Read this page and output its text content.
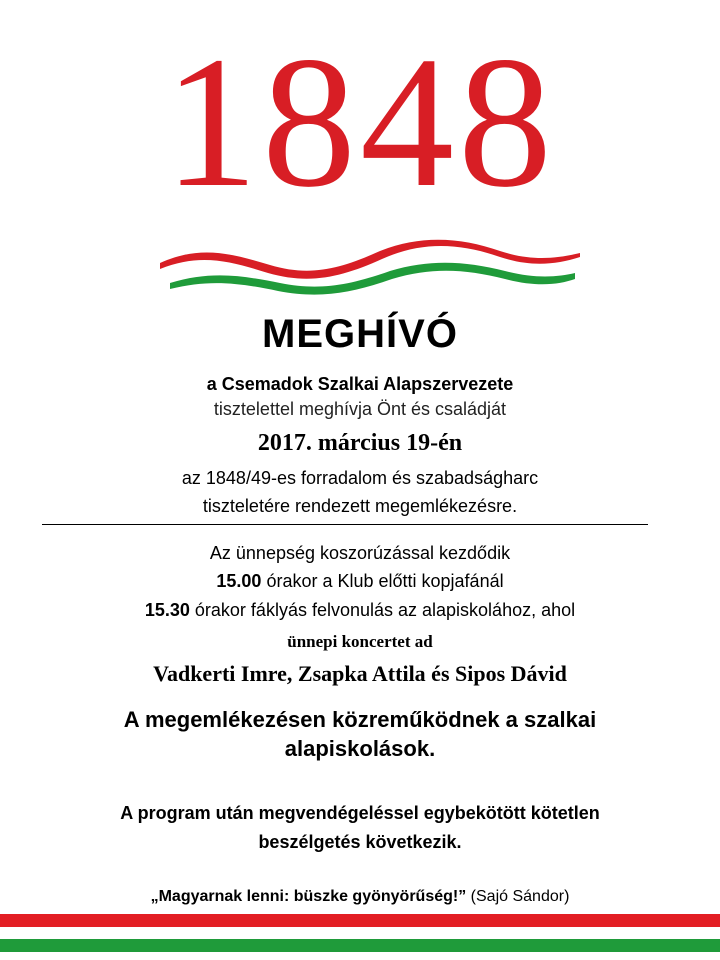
1848
MEGHÍVÓ
a Csemadok Szalkai Alapszervezete
tisztelettel meghívja Önt és családját
2017. március 19-én
az 1848/49-es forradalom és szabadságharc
tiszteletére rendezett megemlékezésre.
Az ünnepség koszorúzással kezdődik
15.00 órakor a Klub előtti kopjafánál
15.30 órakor fáklyás felvonulás az alapiskolához, ahol
ünnepi koncertet ad
Vadkerti Imre, Zsapka Attila és Sipos Dávid
A megemlékezésen közreműködnek a szalkai
alapiskolások.
A program után megvendégeléssel egybekötött kötetlen
beszélgetés következik.
„Magyarnak lenni: büszke gyönyörűség!” (Sajó Sándor)
